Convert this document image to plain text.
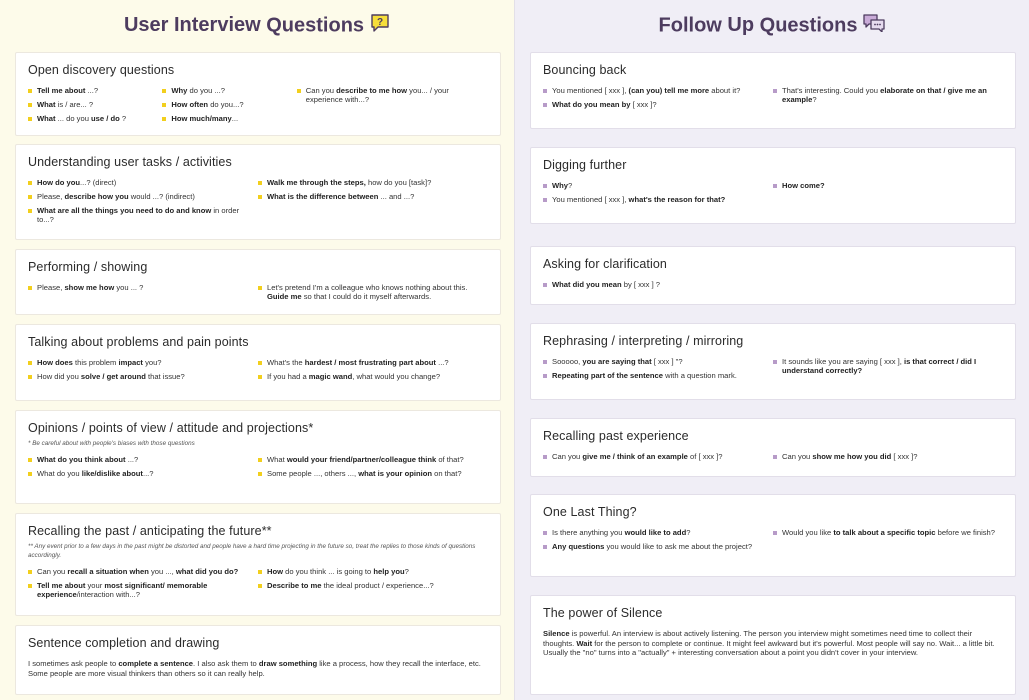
User Interview Questions ?
Open discovery questions
Tell me about ...?
What is / are... ?
What ... do you use / do ?
Why do you ...?
How often do you...?
How much/many...
Can you describe to me how you... / your experience with...?
Understanding user tasks / activities
How do you...? (direct)
Please, describe how you would ...? (indirect)
What are all the things you need to do and know in order to...?
Walk me through the steps, how do you [task]?
What is the difference between ... and ...?
Performing / showing
Please, show me how you ... ?	Let's pretend I'm a colleague who knows nothing about this. Guide me so that I could do it myself afterwards.
Talking about problems and pain points
How does this problem impact you?
How did you solve / get around that issue?
What's the hardest / most frustrating part about ...?
If you had a magic wand, what would you change?
Opinions / points of view / attitude and projections*
* Be careful about with people's biases with those questions
What do you think about ...?
What do you like/dislike about...?
What would your friend/partner/colleague think of that?
Some people ..., others ..., what is your opinion on that?
Recalling the past / anticipating the future**
** Any event prior to a few days in the past might be distorted and people have a hard time projecting in the future so, treat the replies to those kinds of questions accordingly.
Can you recall a situation when you ..., what did you do?
Tell me about your most significant/ memorable experience/interaction with...?
How do you think ... is going to help you?
Describe to me the ideal product / experience...?
Sentence completion and drawing
I sometimes ask people to complete a sentence. I also ask them to draw something like a process, how they recall the interface, etc. Some people are more visual thinkers than others so it can really help.
Follow Up Questions
Bouncing back
You mentioned [ xxx ], (can you) tell me more about it?
What do you mean by [ xxx ]?
That's interesting. Could you elaborate on that / give me an example?
Digging further
Why?
You mentioned [ xxx ], what's the reason for that?
How come?
Asking for clarification
What did you mean by [ xxx ] ?
Rephrasing / interpreting / mirroring
Sooooo, you are saying that [ xxx ] "?
Repeating part of the sentence with a question mark.
It sounds like you are saying [ xxx ], is that correct / did I understand correctly?
Recalling past experience
Can you give me / think of an example of [ xxx ]?	Can you show me how you did [ xxx ]?
One Last Thing?
Is there anything you would like to add?
Any questions you would like to ask me about the project?
Would you like to talk about a specific topic before we finish?
The power of Silence
Silence is powerful. An interview is about actively listening. The person you interview might sometimes need time to collect their thoughts. Wait for the person to complete or continue. It might feel awkward but it's powerful. Most people will say no. Wait... a little bit. Usually the "no" turns into a "actually" + interesting conversation about a point you didn't cover in your interview.
